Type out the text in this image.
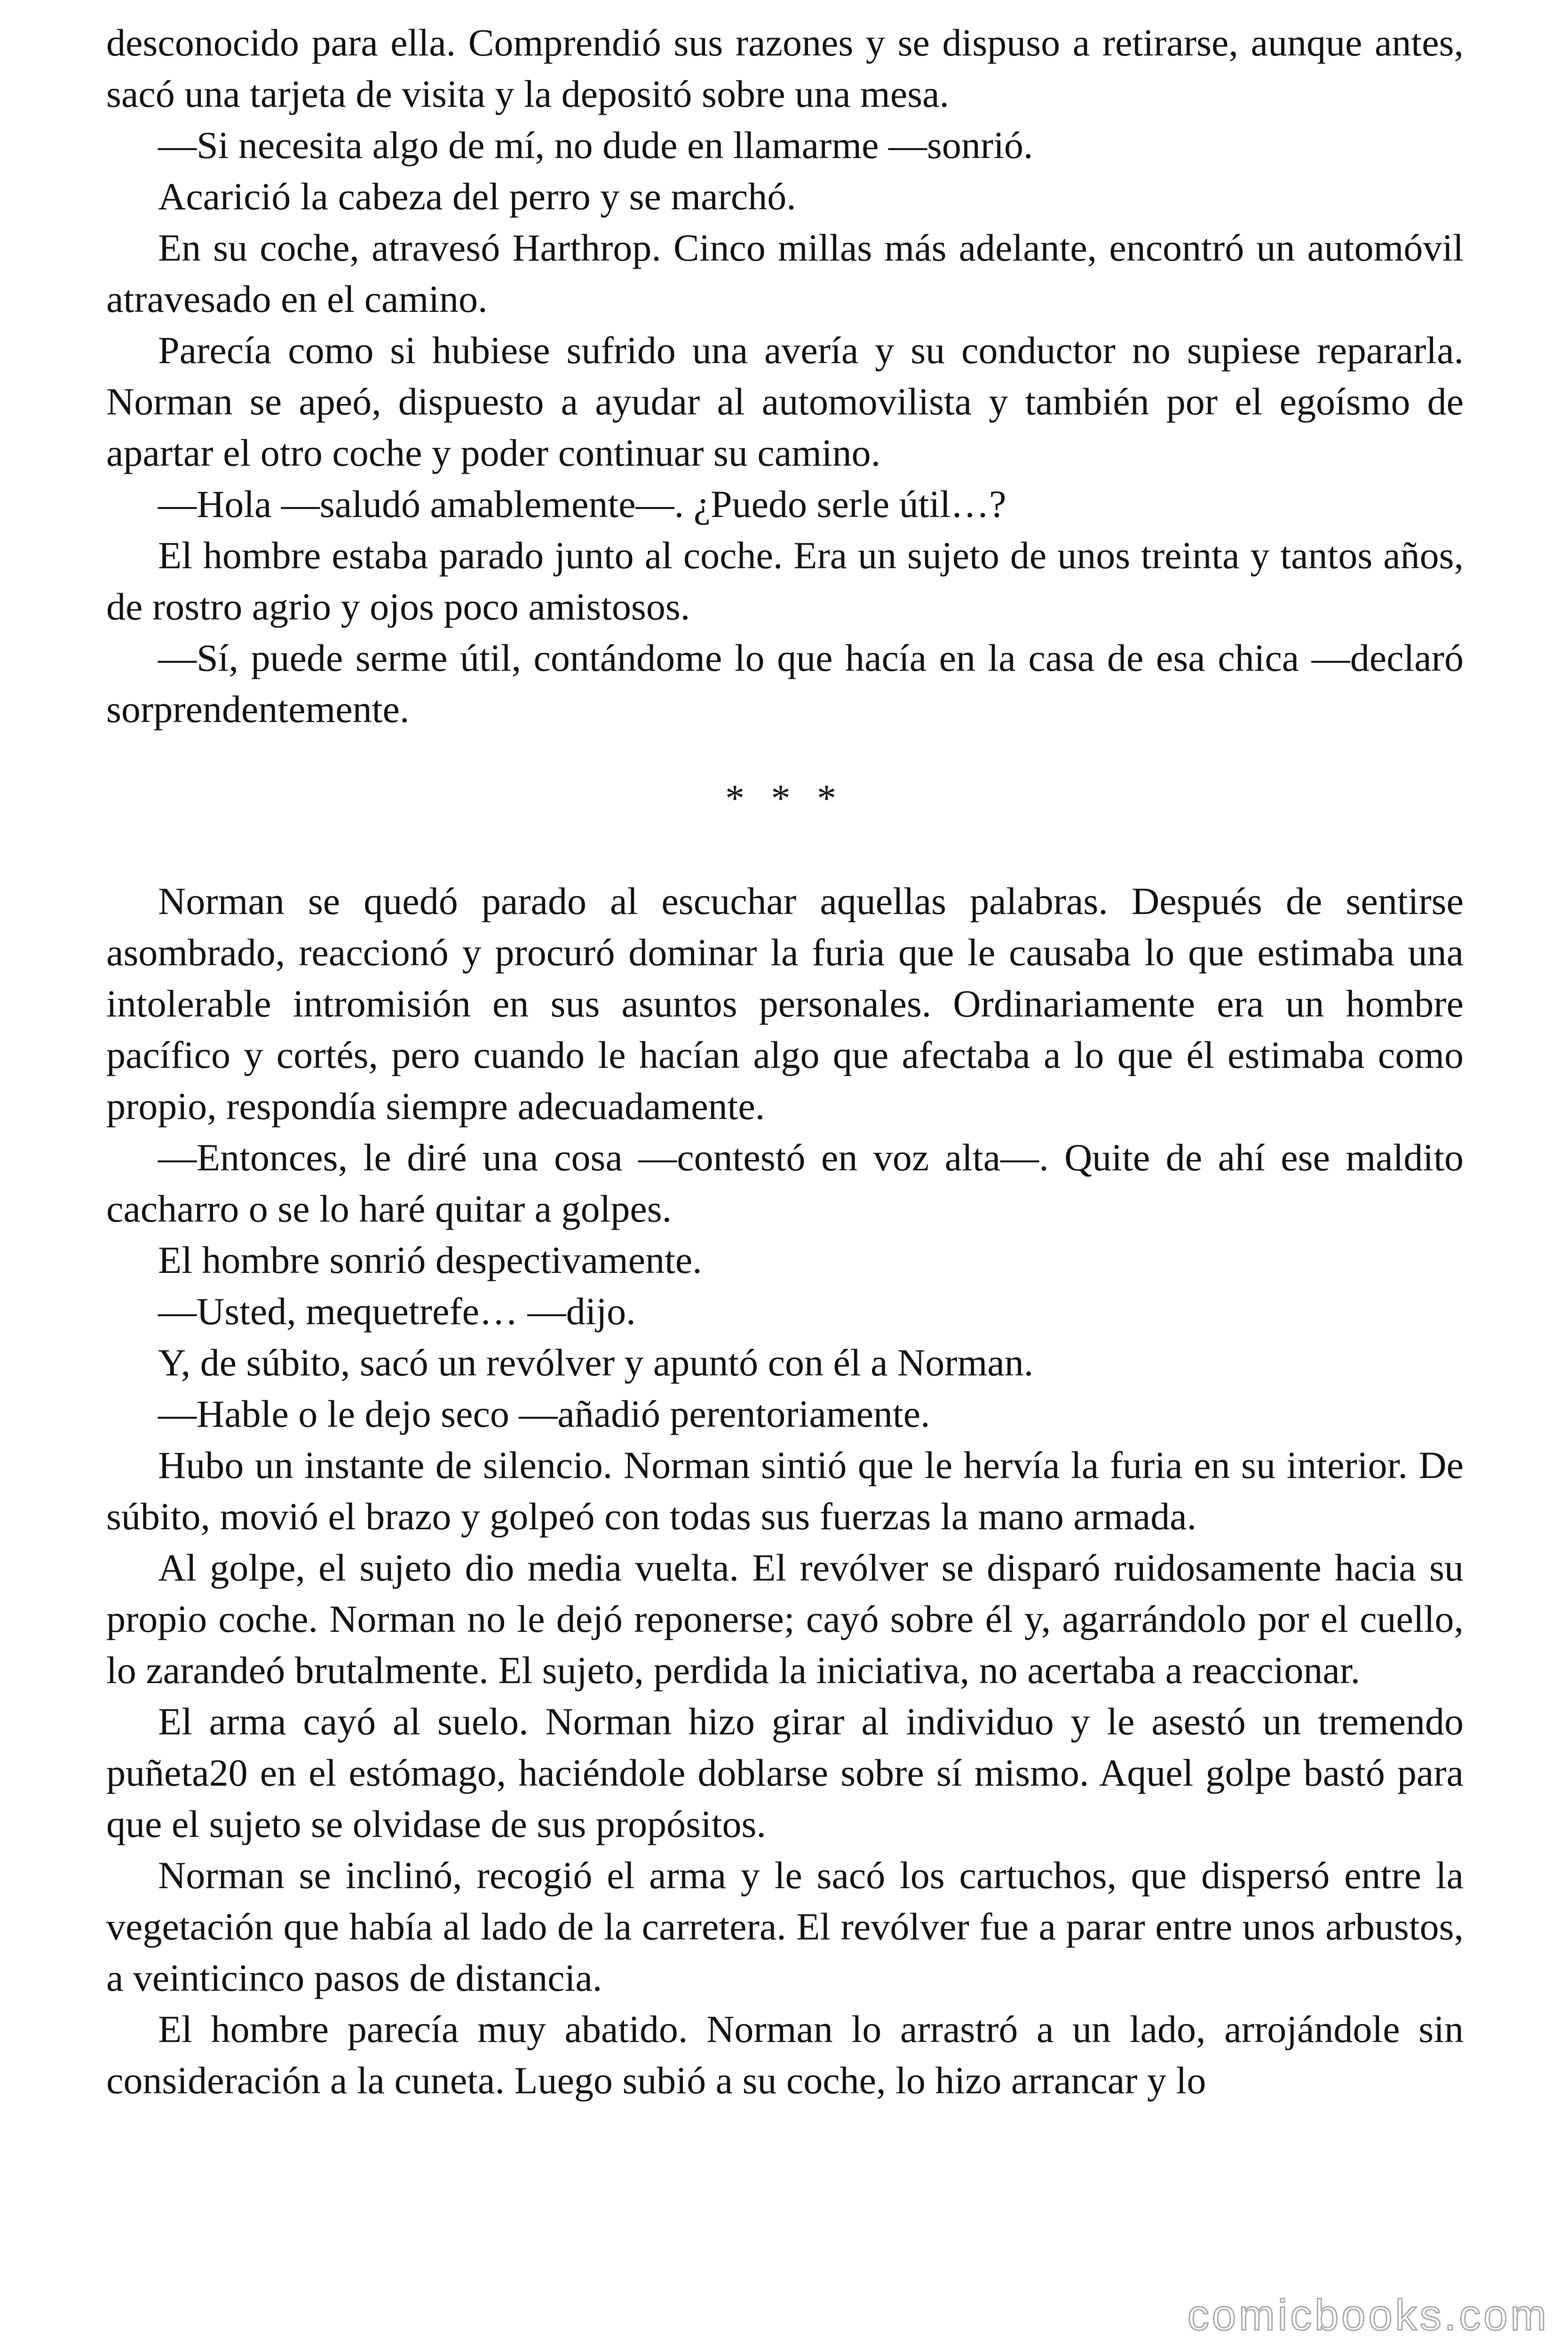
desconocido para ella. Comprendió sus razones y se dispuso a retirarse, aunque antes, sacó una tarjeta de visita y la depositó sobre una mesa.

—Si necesita algo de mí, no dude en llamarme —sonrió.

Acarició la cabeza del perro y se marchó.

En su coche, atravesó Harthrop. Cinco millas más adelante, encontró un automóvil atravesado en el camino.

Parecía como si hubiese sufrido una avería y su conductor no supiese repararla. Norman se apeó, dispuesto a ayudar al automovilista y también por el egoísmo de apartar el otro coche y poder continuar su camino.

—Hola —saludó amablemente—. ¿Puedo serle útil…?

El hombre estaba parado junto al coche. Era un sujeto de unos treinta y tantos años, de rostro agrio y ojos poco amistosos.

—Sí, puede serme útil, contándome lo que hacía en la casa de esa chica —declaró sorprendentemente.

* * *

Norman se quedó parado al escuchar aquellas palabras. Después de sentirse asombrado, reaccionó y procuró dominar la furia que le causaba lo que estimaba una intolerable intromisión en sus asuntos personales. Ordinariamente era un hombre pacífico y cortés, pero cuando le hacían algo que afectaba a lo que él estimaba como propio, respondía siempre adecuadamente.

—Entonces, le diré una cosa —contestó en voz alta—. Quite de ahí ese maldito cacharro o se lo haré quitar a golpes.

El hombre sonrió despectivamente.

—Usted, mequetrefe… —dijo.

Y, de súbito, sacó un revólver y apuntó con él a Norman.

—Hable o le dejo seco —añadió perentoriamente.

Hubo un instante de silencio. Norman sintió que le hervía la furia en su interior. De súbito, movió el brazo y golpeó con todas sus fuerzas la mano armada.

Al golpe, el sujeto dio media vuelta. El revólver se disparó ruidosamente hacia su propio coche. Norman no le dejó reponerse; cayó sobre él y, agarrándolo por el cuello, lo zarandeó brutalmente. El sujeto, perdida la iniciativa, no acertaba a reaccionar.

El arma cayó al suelo. Norman hizo girar al individuo y le asestó un tremendo puñeta20 en el estómago, haciéndole doblarse sobre sí mismo. Aquel golpe bastó para que el sujeto se olvidase de sus propósitos.

Norman se inclinó, recogió el arma y le sacó los cartuchos, que dispersó entre la vegetación que había al lado de la carretera. El revólver fue a parar entre unos arbustos, a veinticinco pasos de distancia.

El hombre parecía muy abatido. Norman lo arrastró a un lado, arrojándole sin consideración a la cuneta. Luego subió a su coche, lo hizo arrancar y lo

comicbooks.com
